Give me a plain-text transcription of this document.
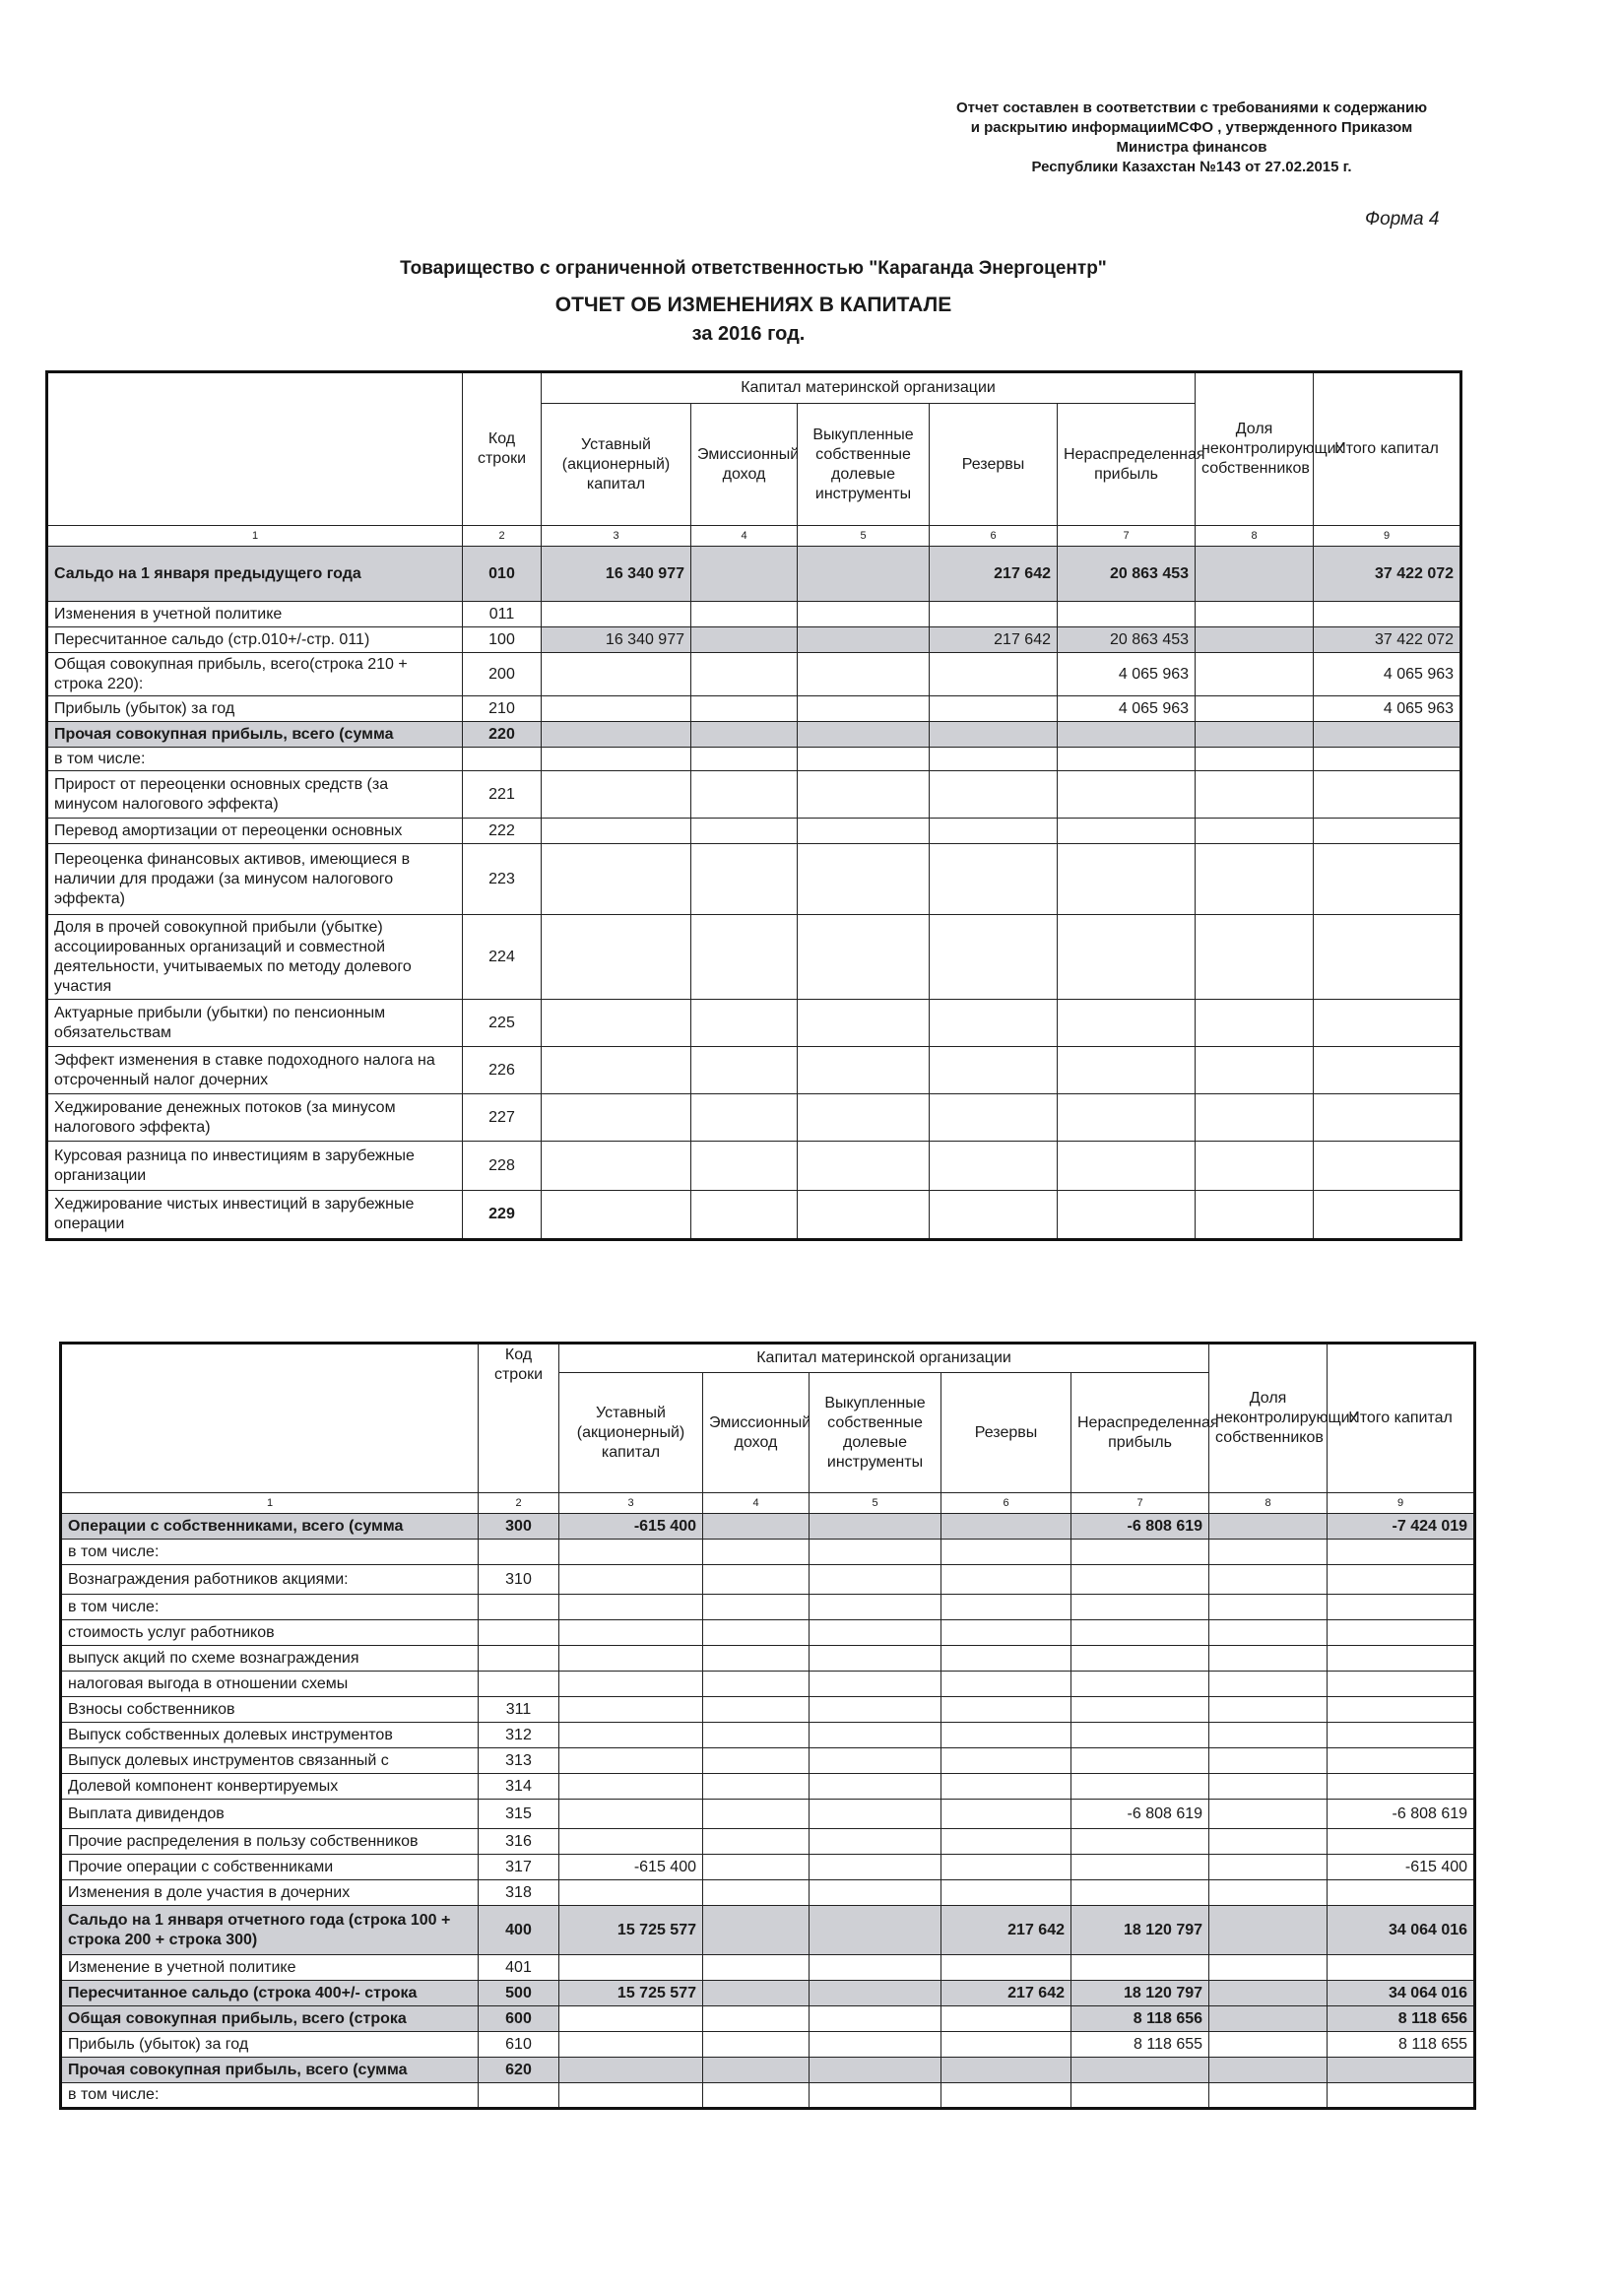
Отчет составлен в соответствии с требованиями к содержанию
и раскрытию информацииМСФО , утвержденного Приказом
Министра финансов
Республики Казахстан №143 от 27.02.2015 г.
Форма 4
Товарищество с ограниченной ответственностью "Караганда Энергоцентр"
ОТЧЕТ ОБ ИЗМЕНЕНИЯХ В КАПИТАЛЕ
за 2016 год.
	Код строки	Капитал материнской организации					Доля неконтролирующих собственников	Итого капитал
		Уставный (акционерный) капитал	Эмиссионный доход	Выкупленные собственные долевые инструменты	Резервы	Нераспределенная прибыль		
1	2	3	4	5	6	7	8	9
Сальдо на 1 января предыдущего года	010	16 340 977			217 642	20 863 453		37 422 072
Изменения в учетной политике	011							
Пересчитанное сальдо (стр.010+/-стр. 011)	100	16 340 977			217 642	20 863 453		37 422 072
Общая совокупная прибыль, всего(строка 210 + строка 220):	200					4 065 963		4 065 963
Прибыль (убыток) за год	210					4 065 963		4 065 963
Прочая совокупная прибыль, всего (сумма	220							
в том числе:								
Прирост от переоценки основных средств (за минусом налогового эффекта)	221							
Перевод амортизации от переоценки основных	222							
Переоценка финансовых активов, имеющиеся в наличии для продажи (за минусом налогового эффекта)	223							
Доля в прочей совокупной прибыли (убытке) ассоциированных организаций и совместной деятельности, учитываемых по методу долевого участия	224							
Актуарные прибыли (убытки) по пенсионным обязательствам	225							
Эффект изменения в ставке подоходного налога на отсроченный налог дочерних	226							
Хеджирование денежных потоков (за минусом налогового эффекта)	227							
Курсовая разница по инвестициям в зарубежные организации	228							
Хеджирование чистых инвестиций в зарубежные операции	229							
	Код строки	Капитал материнской организации					Доля неконтролирующих собственников	Итого капитал
		Уставный (акционерный) капитал	Эмиссионный доход	Выкупленные собственные долевые инструменты	Резервы	Нераспределенная прибыль		
1	2	3	4	5	6	7	8	9
Операции с собственниками, всего (сумма	300	-615 400				-6 808 619		-7 424 019
в том числе:								
Вознаграждения работников акциями:	310							
в том числе:								
стоимость услуг работников								
выпуск акций по схеме вознаграждения								
налоговая выгода в отношении схемы								
Взносы собственников	311							
Выпуск собственных долевых инструментов	312							
Выпуск долевых инструментов связанный с	313							
Долевой компонент конвертируемых	314							
Выплата дивидендов	315					-6 808 619		-6 808 619
Прочие распределения в пользу собственников	316							
Прочие операции с собственниками	317	-615 400						-615 400
Изменения в доле участия в дочерних	318							
Сальдо на 1 января отчетного года (строка 100 + строка 200 + строка 300)	400	15 725 577			217 642	18 120 797		34 064 016
Изменение в учетной политике	401							
Пересчитанное сальдо (строка 400+/- строка	500	15 725 577			217 642	18 120 797		34 064 016
Общая совокупная прибыль, всего (строка	600					8 118 656		8 118 656
Прибыль (убыток) за год	610					8 118 655		8 118 655
Прочая совокупная прибыль, всего (сумма	620							
в том числе:								
